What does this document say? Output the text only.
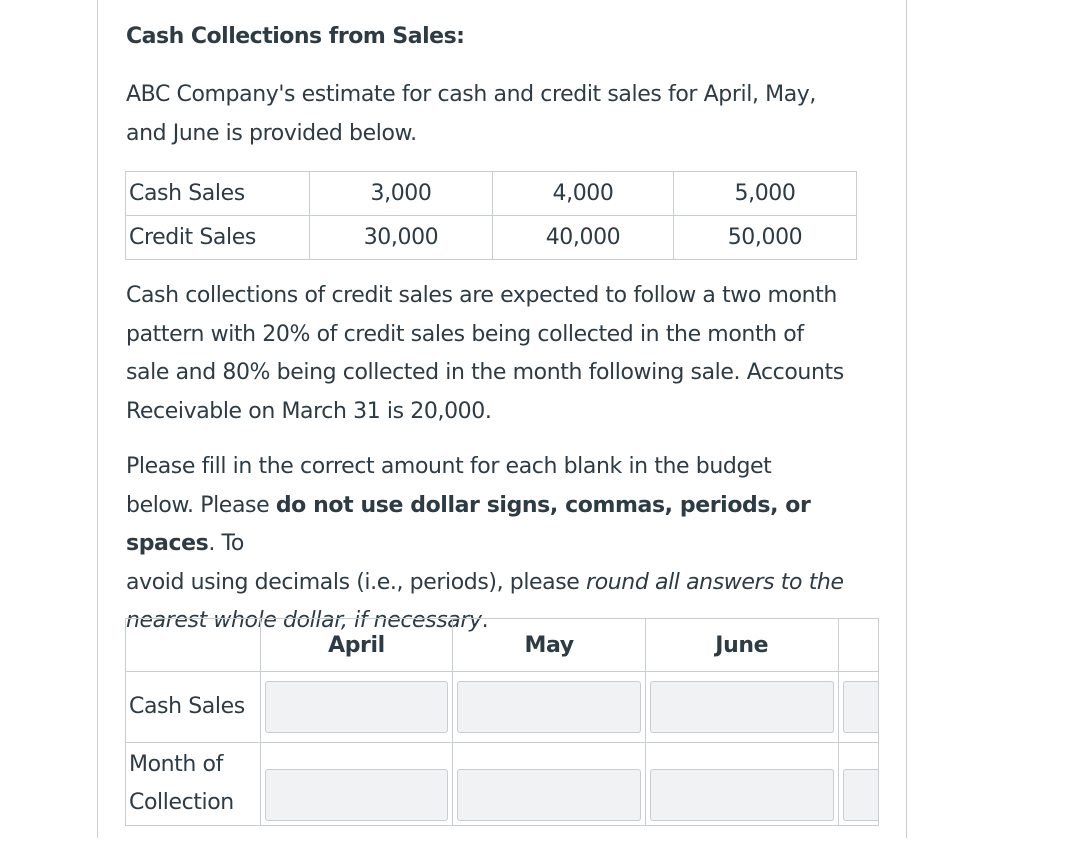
Cash Collections from Sales:
ABC Company's estimate for cash and credit sales for April, May,
and June is provided below.
Cash Sales	3,000	4,000	5,000
Credit Sales	30,000	40,000	50,000
Cash collections of credit sales are expected to follow a two month
pattern with 20% of credit sales being collected in the month of
sale and 80% being collected in the month following sale. Accounts
Receivable on March 31 is 20,000.
Please fill in the correct amount for each blank in the budget
below. Please do not use dollar signs, commas, periods, or spaces. To
avoid using decimals (i.e., periods), please round all answers to the
nearest whole dollar, if necessary.
	April	May	June	
Cash Sales	

Month of
Collection	
